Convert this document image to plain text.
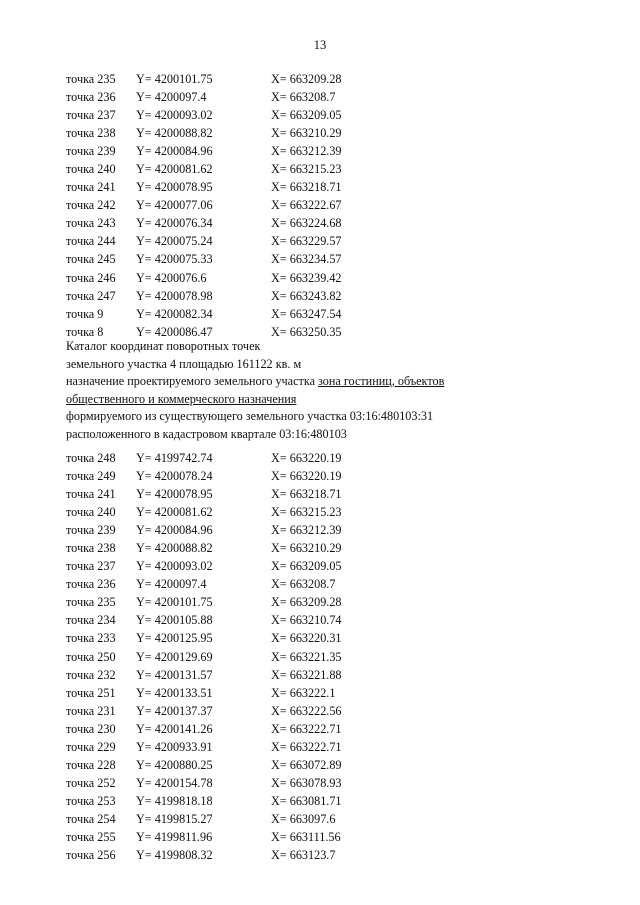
13
точка 235 Y= 4200101.75	X= 663209.28
точка 236 Y= 4200097.4	X= 663208.7
точка 237 Y= 4200093.02	X= 663209.05
точка 238 Y= 4200088.82	X= 663210.29
точка 239 Y= 4200084.96	X= 663212.39
точка 240 Y= 4200081.62	X= 663215.23
точка 241 Y= 4200078.95	X= 663218.71
точка 242 Y= 4200077.06	X= 663222.67
точка 243 Y= 4200076.34	X= 663224.68
точка 244 Y= 4200075.24	X= 663229.57
точка 245 Y= 4200075.33	X= 663234.57
точка 246 Y= 4200076.6	X= 663239.42
точка 247 Y= 4200078.98	X= 663243.82
точка 9	Y= 4200082.34	X= 663247.54
точка 8	Y= 4200086.47	X= 663250.35
Каталог координат поворотных точек
земельного участка 4 площадью 161122 кв. м
назначение проектируемого земельного участка зона гостиниц, объектов
общественного и коммерческого назначения
формируемого из существующего земельного участка 03:16:480103:31
расположенного в кадастровом квартале 03:16:480103
точка 248 Y= 4199742.74	X= 663220.19
точка 249 Y= 4200078.24	X= 663220.19
точка 241 Y= 4200078.95	X= 663218.71
точка 240 Y= 4200081.62	X= 663215.23
точка 239 Y= 4200084.96	X= 663212.39
точка 238 Y= 4200088.82	X= 663210.29
точка 237 Y= 4200093.02	X= 663209.05
точка 236 Y= 4200097.4	X= 663208.7
точка 235 Y= 4200101.75	X= 663209.28
точка 234 Y= 4200105.88	X= 663210.74
точка 233 Y= 4200125.95	X= 663220.31
точка 250 Y= 4200129.69	X= 663221.35
точка 232 Y= 4200131.57	X= 663221.88
точка 251 Y= 4200133.51	X= 663222.1
точка 231 Y= 4200137.37	X= 663222.56
точка 230 Y= 4200141.26	X= 663222.71
точка 229 Y= 4200933.91	X= 663222.71
точка 228 Y= 4200880.25	X= 663072.89
точка 252 Y= 4200154.78	X= 663078.93
точка 253 Y= 4199818.18	X= 663081.71
точка 254 Y= 4199815.27	X= 663097.6
точка 255 Y= 4199811.96	X= 663111.56
точка 256 Y= 4199808.32	X= 663123.7
